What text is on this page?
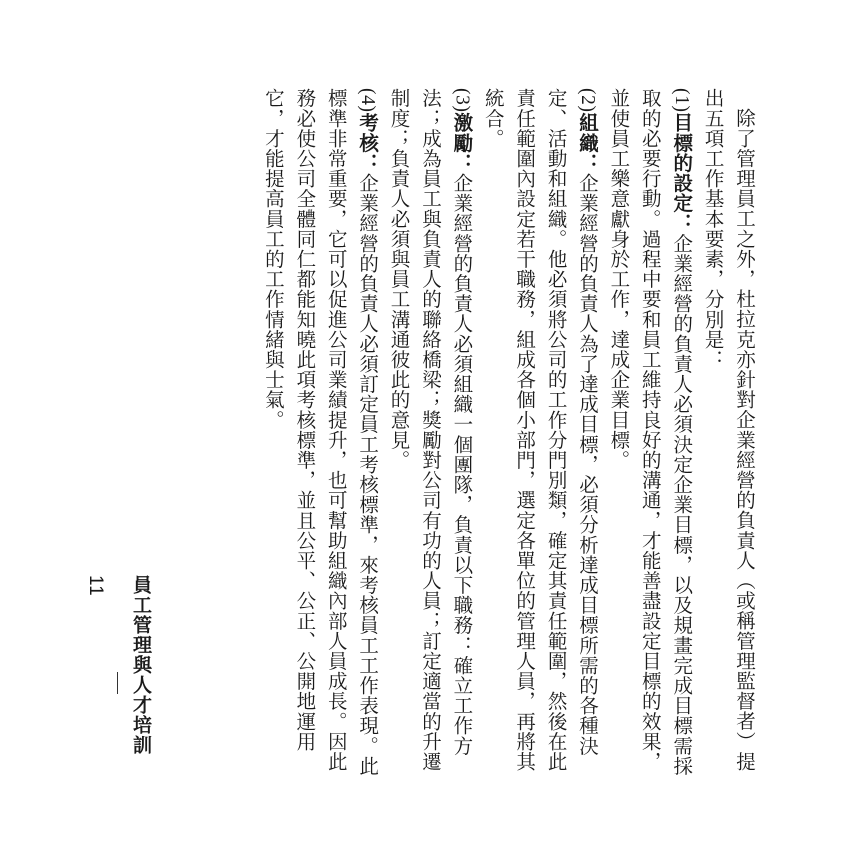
除了管理員工之外，杜拉克亦針對企業經營的負責人（或稱管理監督者）提出五項工作基本要素，分別是：

(1)目標的設定：企業經營的負責人必須決定企業目標，以及規畫完成目標需採取的必要行動。過程中要和員工維持良好的溝通，才能善盡設定目標的效果，並使員工樂意獻身於工作，達成企業目標。

(2)組織：企業經營的負責人為了達成目標，必須分析達成目標所需的各種決定、活動和組織。他必須將公司的工作分門別類，確定其責任範圍，然後在此責任範圍內設定若干職務，組成各個小部門，選定各單位的管理人員，再將其統合。

(3)激勵：企業經營的負責人必須組織一個團隊，負責以下職務：確立工作方法；成為員工與負責人的聯絡橋梁；獎勵對公司有功的人員；訂定適當的升遷制度；負責人必須與員工溝通彼此的意見。

(4)考核：企業經營的負責人必須訂定員工考核標準，來考核員工工作表現。此標準非常重要，它可以促進公司業績提升，也可幫助組織內部人員成長。因此務必使公司全體同仁都能知曉此項考核標準，並且公平、公正、公開地運用它，才能提高員工的工作情緒與士氣。

員工管理與人才培訓
11
